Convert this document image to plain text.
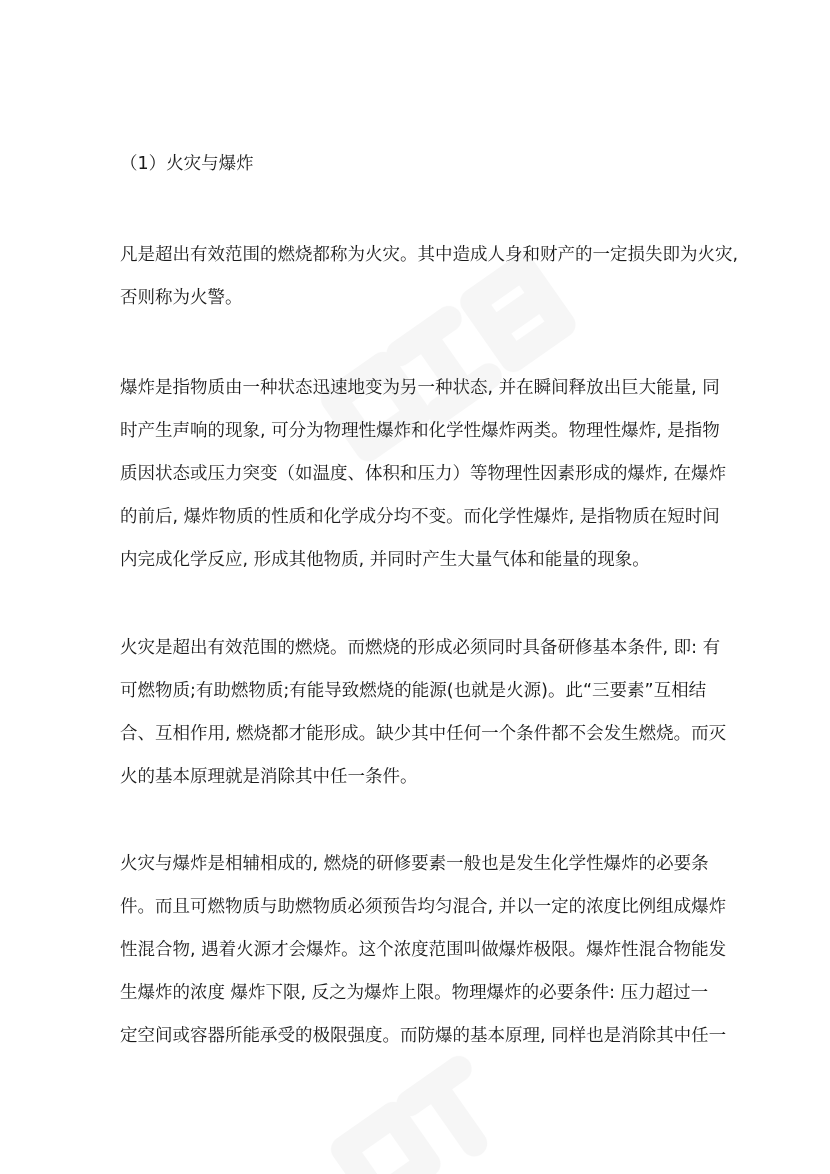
（1）火灾与爆炸

凡是超出有效范围的燃烧都称为火灾。其中造成人身和财产的一定损失即为火灾,

否则称为火警。

爆炸是指物质由一种状态迅速地变为另一种状态, 并在瞬间释放出巨大能量, 同

时产生声响的现象, 可分为物理性爆炸和化学性爆炸两类。物理性爆炸, 是指物

质因状态或压力突变（如温度、体积和压力）等物理性因素形成的爆炸, 在爆炸

的前后, 爆炸物质的性质和化学成分均不变。而化学性爆炸, 是指物质在短时间

内完成化学反应, 形成其他物质, 并同时产生大量气体和能量的现象。

火灾是超出有效范围的燃烧。而燃烧的形成必须同时具备研修基本条件, 即: 有

可燃物质;有助燃物质;有能导致燃烧的能源(也就是火源)。此“三要素”互相结

合、互相作用, 燃烧都才能形成。缺少其中任何一个条件都不会发生燃烧。而灭

火的基本原理就是消除其中任一条件。

火灾与爆炸是相辅相成的, 燃烧的研修要素一般也是发生化学性爆炸的必要条

件。而且可燃物质与助燃物质必须预告均匀混合, 并以一定的浓度比例组成爆炸

性混合物, 遇着火源才会爆炸。这个浓度范围叫做爆炸极限。爆炸性混合物能发

生爆炸的浓度 爆炸下限, 反之为爆炸上限。物理爆炸的必要条件: 压力超过一

定空间或容器所能承受的极限强度。而防爆的基本原理, 同样也是消除其中任一
